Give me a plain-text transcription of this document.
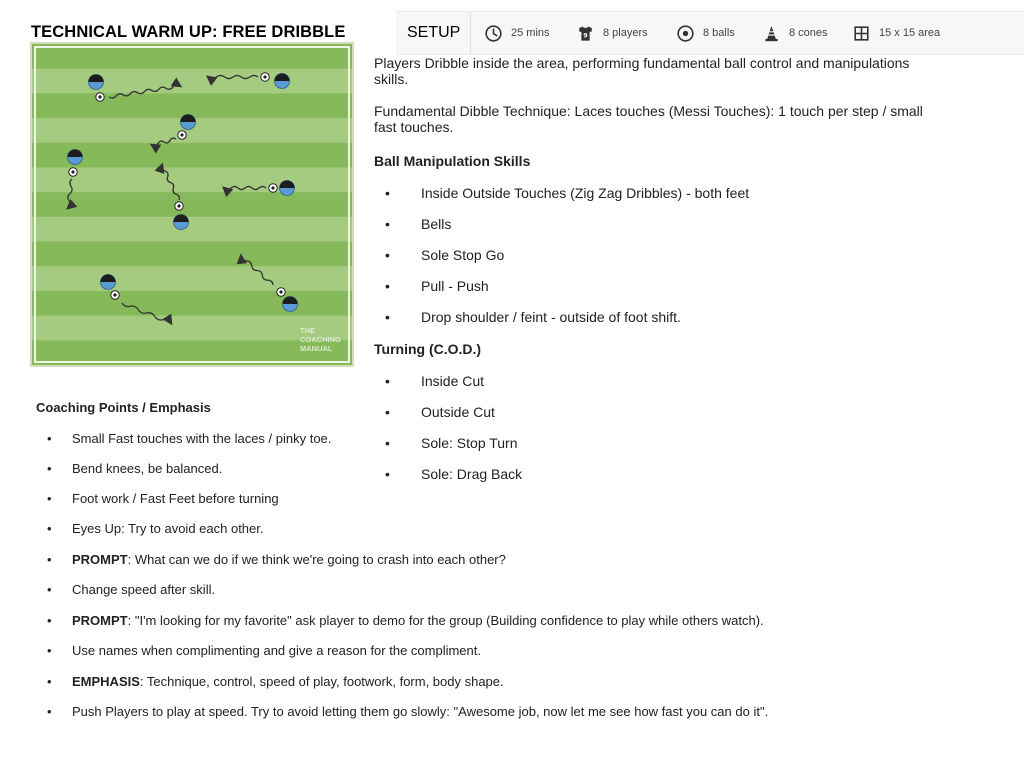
TECHNICAL WARM UP: FREE DRIBBLE
THE
COACHING
MANUAL
SETUP	25 mins	9 8 players	8 balls	8 cones	15 x 15 area

Players Dribble inside the area, performing fundamental ball control and manipulations skills.

Fundamental Dibble Technique: Laces touches (Messi Touches): 1 touch per step / small fast touches.

Ball Manipulation Skills
• Inside Outside Touches (Zig Zag Dribbles) - both feet
• Bells
• Sole Stop Go
• Pull - Push
• Drop shoulder / feint - outside of foot shift.
Turning (C.O.D.)
• Inside Cut
• Outside Cut
• Sole: Stop Turn
• Sole: Drag Back
Coaching Points / Emphasis
• Small Fast touches with the laces / pinky toe.
• Bend knees, be balanced.
• Foot work / Fast Feet before turning
• Eyes Up: Try to avoid each other.
• PROMPT: What can we do if we think we're going to crash into each other?
• Change speed after skill.
• PROMPT: "I'm looking for my favorite" ask player to demo for the group (Building confidence to play while others watch).
• Use names when complimenting and give a reason for the compliment.
• EMPHASIS: Technique, control, speed of play, footwork, form, body shape.
• Push Players to play at speed. Try to avoid letting them go slowly: "Awesome job, now let me see how fast you can do it".
